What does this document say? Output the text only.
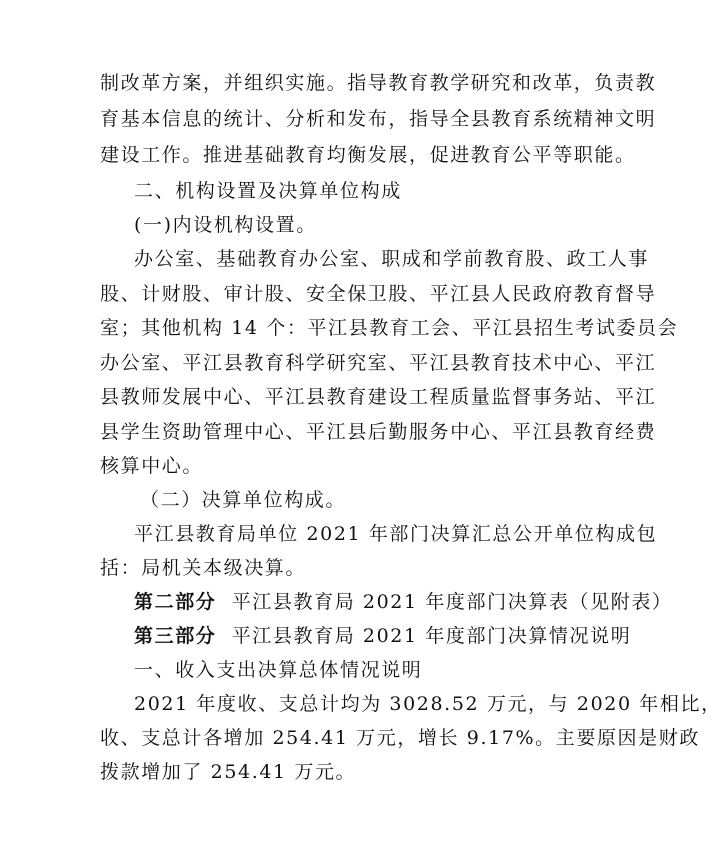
制改革方案，并组织实施。指导教育教学研究和改革，负责教
育基本信息的统计、分析和发布，指导全县教育系统精神文明
建设工作。推进基础教育均衡发展，促进教育公平等职能。
二、机构设置及决算单位构成
(一)内设机构设置。
办公室、基础教育办公室、职成和学前教育股、政工人事
股、计财股、审计股、安全保卫股、平江县人民政府教育督导
室；其他机构 14 个：平江县教育工会、平江县招生考试委员会
办公室、平江县教育科学研究室、平江县教育技术中心、平江
县教师发展中心、平江县教育建设工程质量监督事务站、平江
县学生资助管理中心、平江县后勤服务中心、平江县教育经费
核算中心。
（二）决算单位构成。
平江县教育局单位 2021 年部门决算汇总公开单位构成包
括：局机关本级决算。
第二部分 平江县教育局 2021 年度部门决算表（见附表）
第三部分 平江县教育局 2021 年度部门决算情况说明
一、收入支出决算总体情况说明
2021 年度收、支总计均为 3028.52 万元，与 2020 年相比，
收、支总计各增加 254.41 万元，增长 9.17%。主要原因是财政
拨款增加了 254.41 万元。
